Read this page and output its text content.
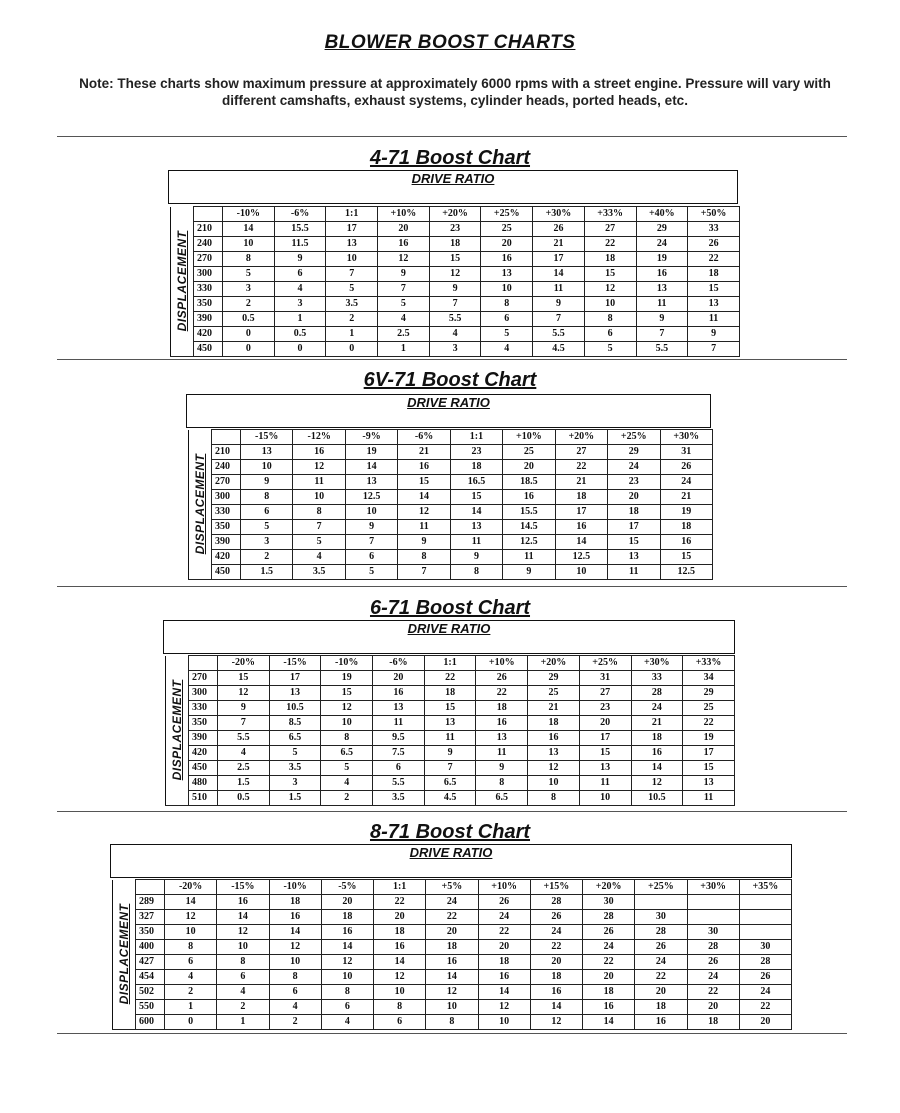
BLOWER BOOST CHARTS
Note: These charts show maximum pressure at approximately 6000 rpms with a street engine. Pressure will vary with different camshafts, exhaust systems, cylinder heads, ported heads, etc.
4-71 Boost Chart
DRIVE RATIO
DISPLACEMENT		-10%	-6%	1:1	+10%	+20%	+25%	+30%	+33%	+40%	+50%
	210	14	15.5	17	20	23	25	26	27	29	33
	240	10	11.5	13	16	18	20	21	22	24	26
	270	8	9	10	12	15	16	17	18	19	22
	300	5	6	7	9	12	13	14	15	16	18
	330	3	4	5	7	9	10	11	12	13	15
	350	2	3	3.5	5	7	8	9	10	11	13
	390	0.5	1	2	4	5.5	6	7	8	9	11
	420	0	0.5	1	2.5	4	5	5.5	6	7	9
	450	0	0	0	1	3	4	4.5	5	5.5	7
6V-71 Boost Chart
DRIVE RATIO
DISPLACEMENT		-15%	-12%	-9%	-6%	1:1	+10%	+20%	+25%	+30%
	210	13	16	19	21	23	25	27	29	31
	240	10	12	14	16	18	20	22	24	26
	270	9	11	13	15	16.5	18.5	21	23	24
	300	8	10	12.5	14	15	16	18	20	21
	330	6	8	10	12	14	15.5	17	18	19
	350	5	7	9	11	13	14.5	16	17	18
	390	3	5	7	9	11	12.5	14	15	16
	420	2	4	6	8	9	11	12.5	13	15
	450	1.5	3.5	5	7	8	9	10	11	12.5
6-71 Boost Chart
DRIVE RATIO
DISPLACEMENT		-20%	-15%	-10%	-6%	1:1	+10%	+20%	+25%	+30%	+33%
	270	15	17	19	20	22	26	29	31	33	34
	300	12	13	15	16	18	22	25	27	28	29
	330	9	10.5	12	13	15	18	21	23	24	25
	350	7	8.5	10	11	13	16	18	20	21	22
	390	5.5	6.5	8	9.5	11	13	16	17	18	19
	420	4	5	6.5	7.5	9	11	13	15	16	17
	450	2.5	3.5	5	6	7	9	12	13	14	15
	480	1.5	3	4	5.5	6.5	8	10	11	12	13
	510	0.5	1.5	2	3.5	4.5	6.5	8	10	10.5	11
8-71 Boost Chart
DRIVE RATIO
DISPLACEMENT		-20%	-15%	-10%	-5%	1:1	+5%	+10%	+15%	+20%	+25%	+30%	+35%
	289	14	16	18	20	22	24	26	28	30			
	327	12	14	16	18	20	22	24	26	28	30		
	350	10	12	14	16	18	20	22	24	26	28	30	
	400	8	10	12	14	16	18	20	22	24	26	28	30
	427	6	8	10	12	14	16	18	20	22	24	26	28
	454	4	6	8	10	12	14	16	18	20	22	24	26
	502	2	4	6	8	10	12	14	16	18	20	22	24
	550	1	2	4	6	8	10	12	14	16	18	20	22
	600	0	1	2	4	6	8	10	12	14	16	18	20
